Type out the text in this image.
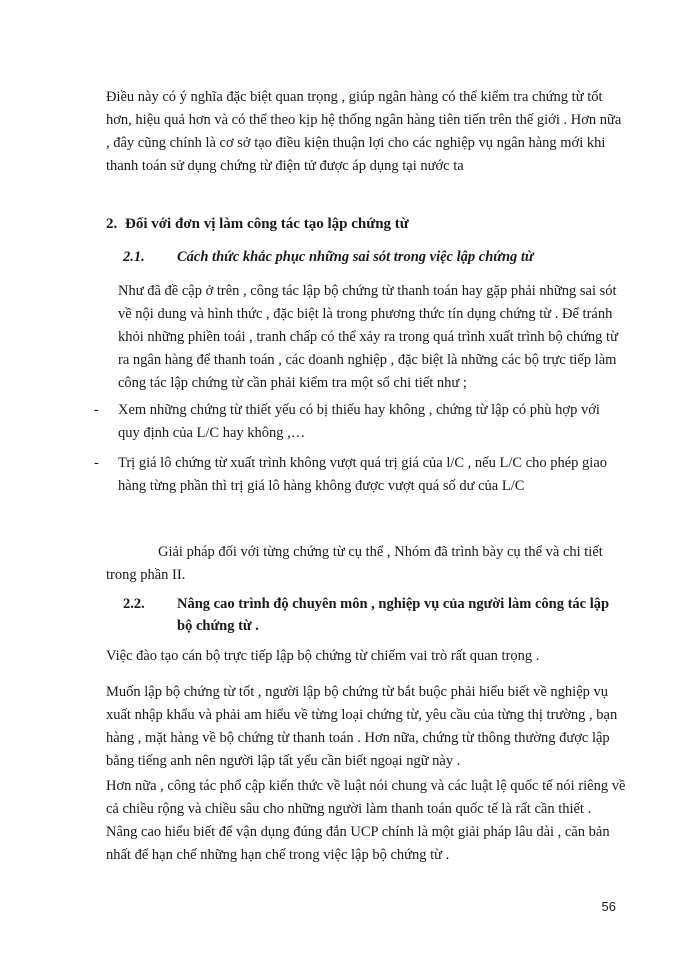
Điều này có ý nghĩa đặc biệt quan trọng , giúp ngân hàng có thể kiểm tra chứng từ tốt hơn, hiệu quả hơn và có thể theo kịp hệ thống ngân hàng tiên tiến trên thế giới . Hơn nữa , đây cũng chính là cơ sở tạo điều kiện thuận lợi cho các nghiệp vụ ngân hàng mới khi thanh toán sử dụng chứng từ điện tử được áp dụng tại nước ta

2. Đối với đơn vị làm công tác tạo lập chứng từ
2.1. Cách thức khắc phục những sai sót trong việc lập chứng từ

Như đã đề cập ở trên , công tác lập bộ chứng từ thanh toán hay gặp phải những sai sót về nội dung và hình thức , đặc biệt là trong phương thức tín dụng chứng từ . Để tránh khỏi những phiền toái , tranh chấp có thể xảy ra trong quá trình xuất trình bộ chứng từ ra ngân hàng để thanh toán , các doanh nghiệp , đặc biệt là những các bộ trực tiếp làm công tác lập chứng từ cần phải kiểm tra một số chi tiết như ;

- Xem những chứng từ thiết yếu có bị thiếu hay không , chứng từ lập có phù hợp với quy định của L/C hay không ,…
- Trị giá lô chứng từ xuất trình không vượt quá trị giá của l/C , nếu L/C cho phép giao hàng từng phần thì trị giá lô hàng không được vượt quá số dư của L/C

Giải pháp đối với từng chứng từ cụ thể , Nhóm đã trình bày cụ thể và chi tiết trong phần II.

2.2.	Nâng cao trình độ chuyên môn , nghiệp vụ của người làm công tác lập bộ chứng từ .

Việc đào tạo cán bộ trực tiếp lập bộ chứng từ chiếm vai trò rất quan trọng .

Muốn lập bộ chứng từ tốt , người lập bộ chứng từ bắt buộc phải hiểu biết về nghiệp vụ xuất nhập khẩu và phải am hiểu về từng loại chứng từ, yêu cầu của từng thị trường , bạn hàng , mặt hàng về bộ chứng từ thanh toán . Hơn nữa, chứng từ thông thường được lập bằng tiếng anh nên người lập tất yếu cần biết ngoại ngữ này .

Hơn nữa , công tác phổ cập kiến thức về luật nói chung và các luật lệ quốc tế nói riêng về cả chiều rộng và chiều sâu cho những người làm thanh toán quốc tế là rất cần thiết . Nâng cao hiểu biết để vận dụng đúng đắn UCP chính là một giải pháp lâu dài , căn bản nhất để hạn chế những hạn chế trong việc lập bộ chứng từ .

56
